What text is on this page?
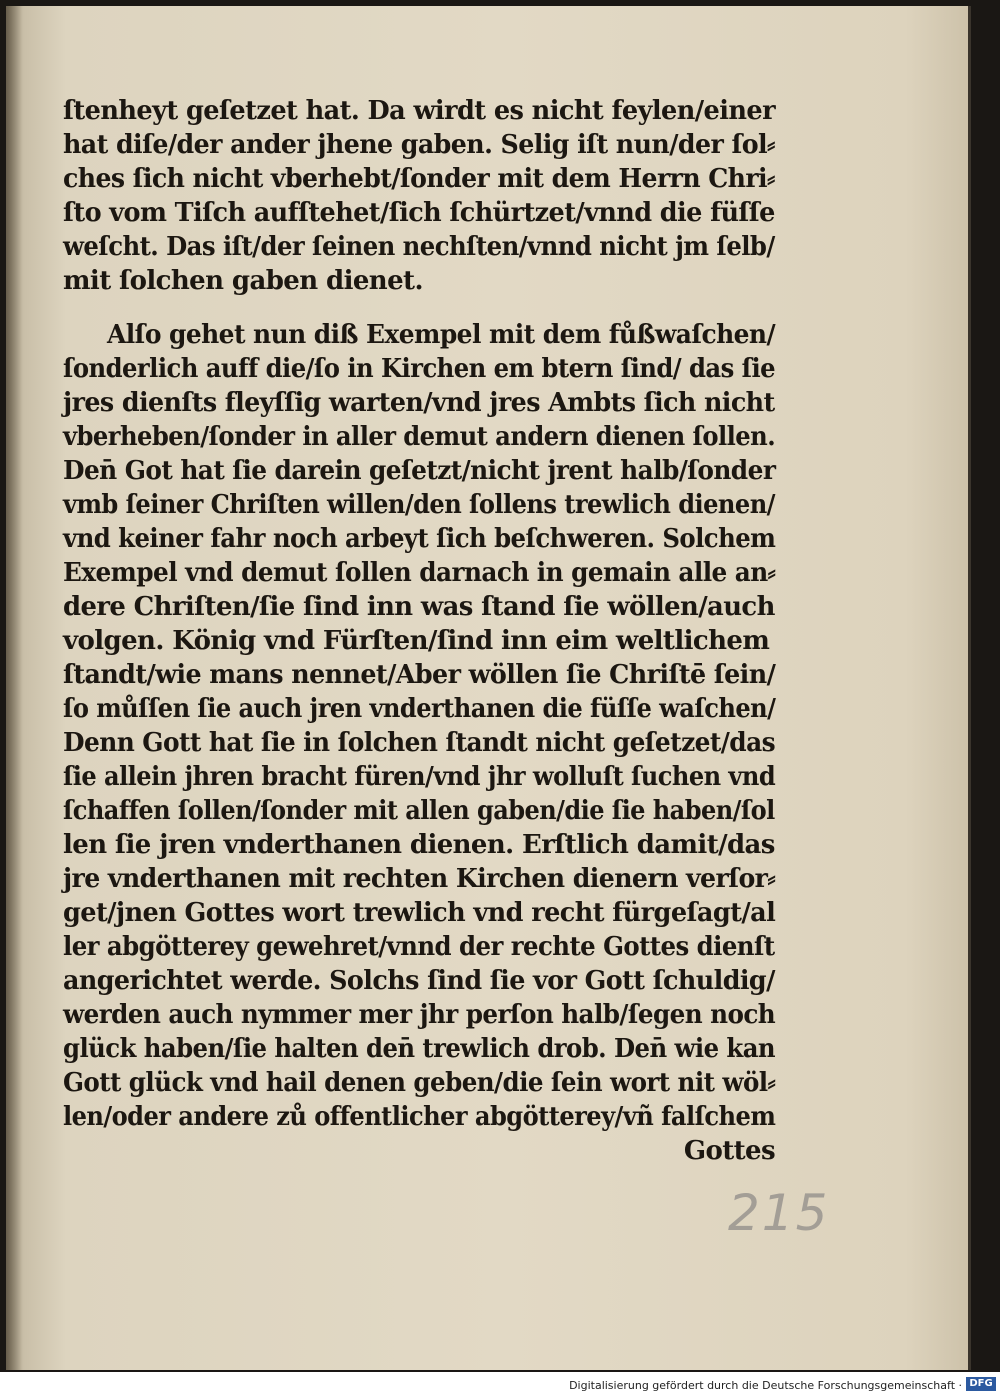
ſtenheyt geſetzet hat. Da wirdt es nicht feylen/einer
hat diſe/der ander jhene gaben. Selig iſt nun/der ſol⸗
ches ſich nicht vberhebt/ſonder mit dem Herrn Chri⸗
ſto vom Tiſch aufſtehet/ſich ſchürtzet/vnnd die füſſe
weſcht. Das iſt/der ſeinen nechſten/vnnd nicht jm ſelb/
mit ſolchen gaben dienet.
Alſo gehet nun diß Exempel mit dem fůßwaſchen/
ſonderlich auff die/ſo in Kirchen em btern ſind/ das ſie
jres dienſts fleyſſig warten/vnd jres Ambts ſich nicht
vberheben/ſonder in aller demut andern dienen ſollen.
Den̄ Got hat ſie darein geſetzt/nicht jrent halb/ſonder
vmb ſeiner Chriſten willen/den ſollens trewlich dienen/
vnd keiner fahr noch arbeyt ſich beſchweren. Solchem
Exempel vnd demut ſollen darnach in gemain alle an⸗
dere Chriſten/ſie ſind inn was ſtand ſie wöllen/auch
volgen. König vnd Fürſten/ſind inn eim weltlichem
ſtandt/wie mans nennet/Aber wöllen ſie Chriſtē ſein/
ſo můſſen ſie auch jren vnderthanen die füſſe waſchen/
Denn Gott hat ſie in ſolchen ſtandt nicht geſetzet/das
ſie allein jhren bracht füren/vnd jhr wolluſt ſuchen vnd
ſchaffen ſollen/ſonder mit allen gaben/die ſie haben/ſol
len ſie jren vnderthanen dienen. Erſtlich damit/das
jre vnderthanen mit rechten Kirchen dienern verſor⸗
get/jnen Gottes wort trewlich vnd recht fürgeſagt/al
ler abgötterey gewehret/vnnd der rechte Gottes dienſt
angerichtet werde. Solchs ſind ſie vor Gott ſchuldig/
werden auch nymmer mer jhr perſon halb/ſegen noch
glück haben/ſie halten den̄ trewlich drob. Den̄ wie kan
Gott glück vnd hail denen geben/die ſein wort nit wöl⸗
len/oder andere zů offentlicher abgötterey/vñ falſchem
Gottes
215
Digitalisierung gefördert durch die Deutsche Forschungsgemeinschaft · DFG
